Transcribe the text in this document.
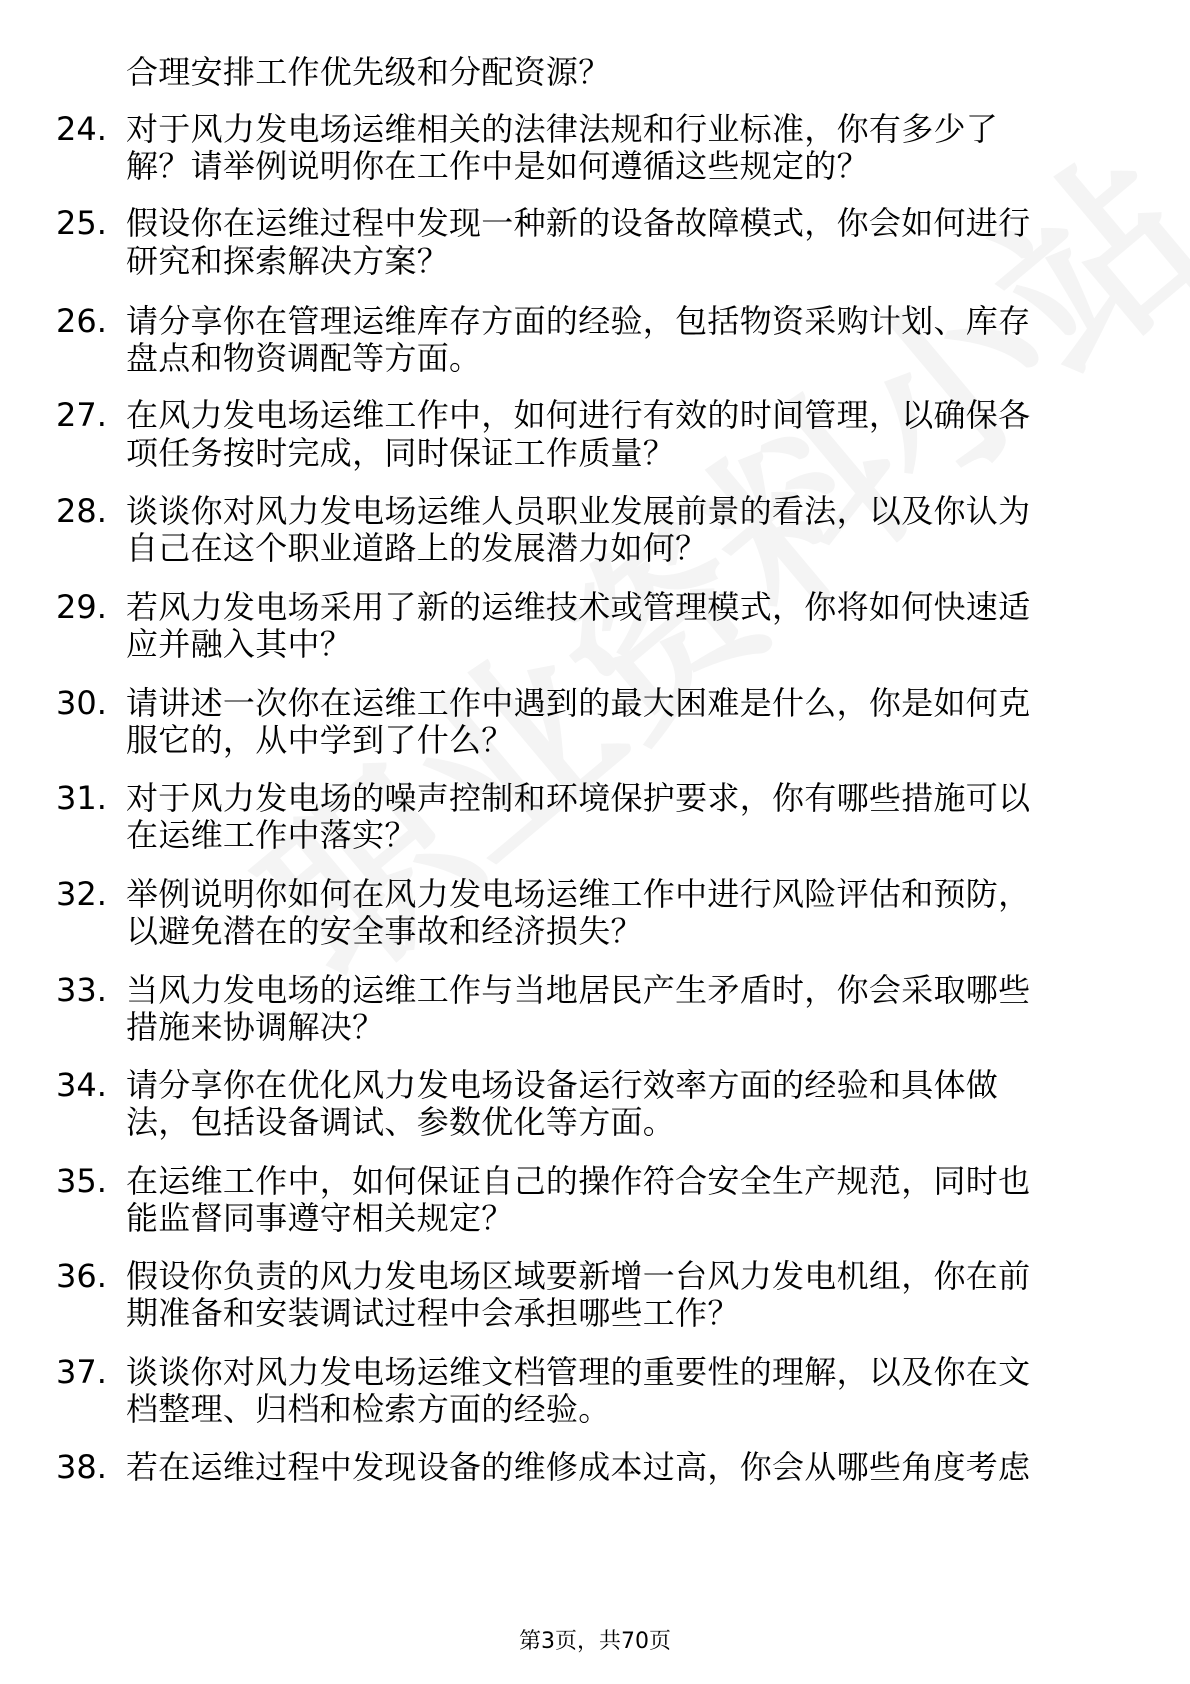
合理安排工作优先级和分配资源？
24. 对于风力发电场运维相关的法律法规和行业标准，你有多少了
解？请举例说明你在工作中是如何遵循这些规定的？
25. 假设你在运维过程中发现一种新的设备故障模式，你会如何进行
研究和探索解决方案？
26. 请分享你在管理运维库存方面的经验，包括物资采购计划、库存
盘点和物资调配等方面。
27. 在风力发电场运维工作中，如何进行有效的时间管理，以确保各
项任务按时完成，同时保证工作质量？
28. 谈谈你对风力发电场运维人员职业发展前景的看法，以及你认为
自己在这个职业道路上的发展潜力如何？
29. 若风力发电场采用了新的运维技术或管理模式，你将如何快速适
应并融入其中？
30. 请讲述一次你在运维工作中遇到的最大困难是什么，你是如何克
服它的，从中学到了什么？
31. 对于风力发电场的噪声控制和环境保护要求，你有哪些措施可以
在运维工作中落实？
32. 举例说明你如何在风力发电场运维工作中进行风险评估和预防，
以避免潜在的安全事故和经济损失？
33. 当风力发电场的运维工作与当地居民产生矛盾时，你会采取哪些
措施来协调解决？
34. 请分享你在优化风力发电场设备运行效率方面的经验和具体做
法，包括设备调试、参数优化等方面。
35. 在运维工作中，如何保证自己的操作符合安全生产规范，同时也
能监督同事遵守相关规定？
36. 假设你负责的风力发电场区域要新增一台风力发电机组，你在前
期准备和安装调试过程中会承担哪些工作？
37. 谈谈你对风力发电场运维文档管理的重要性的理解，以及你在文
档整理、归档和检索方面的经验。
38. 若在运维过程中发现设备的维修成本过高，你会从哪些角度考虑
第3页，共70页
